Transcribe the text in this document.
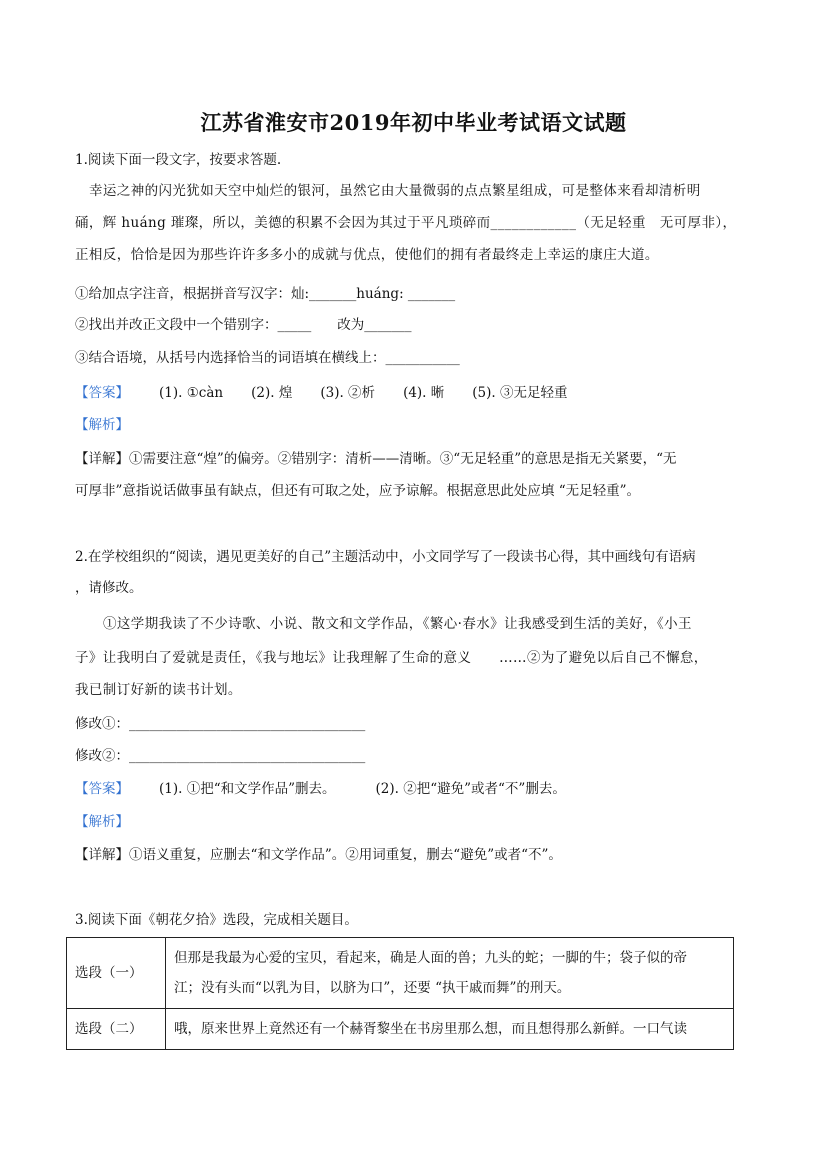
江苏省淮安市2019年初中毕业考试语文试题
1.阅读下面一段文字，按要求答题.
幸运之神的闪光犹如天空中灿烂的银河，虽然它由大量微弱的点点繁星组成，可是整体来看却清析明
硧，辉 huáng 璀璨，所以，美德的积累不会因为其过于平凡琐碎而____________（无足轻重　无可厚非），
正相反，恰恰是因为那些许许多多小的成就与优点，使他们的拥有者最终走上幸运的康庄大道。
①给加点字注音，根据拼音写汉字：灿:_______huáng: _______
②找出并改正文段中一个错别字：_____ 改为_______
③结合语境，从括号内选择恰当的词语填在横线上：___________
【答案】 (1). ①càn (2). 煌 (3). ②析 (4). 晰 (5). ③无足轻重
【解析】
【详解】①需要注意“煌”的偏旁。②错别字：清析——清晰。③“无足轻重”的意思是指无关紧要，“无
可厚非”意指说话做事虽有缺点，但还有可取之处，应予谅解。根据意思此处应填 “无足轻重”。
2.在学校组织的“阅读，遇见更美好的自己”主题活动中，小文同学写了一段读书心得，其中画线句有语病
，请修改。
①这学期我读了不少诗歌、小说、散文和文学作品，《繁心·春水》让我感受到生活的美好，《小王
子》让我明白了爱就是责任，《我与地坛》让我理解了生命的意义　　……②为了避免以后自己不懈怠，
我已制订好新的读书计划。
修改①：___________________________________
修改②：___________________________________
【答案】 (1). ①把“和文学作品”删去。	(2). ②把“避免”或者“不”删去。
【解析】
【详解】①语义重复，应删去“和文学作品”。②用词重复，删去“避免”或者“不”。
3.阅读下面《朝花夕拾》选段，完成相关题目。
选段（一）	但那是我最为心爱的宝贝，看起来，确是人面的兽；九头的蛇；一脚的牛；袋子似的帝
江；没有头而“以乳为目，以脐为口”，还要 “执干戚而舞”的刑天。

选段（二）	哦，原来世界上竟然还有一个赫胥黎坐在书房里那么想，而且想得那么新鲜。一口气读
